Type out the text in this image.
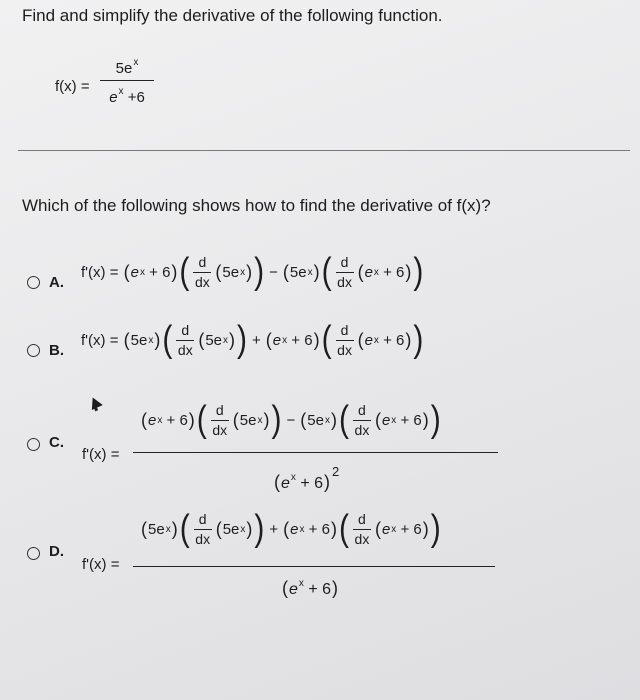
Find and simplify the derivative of the following function.
f(x) =
$5e^x$
$e^x +6$
Which of the following shows how to find the derivative of f(x)?
A.
f'(x) =
( e x
+ 6 ) ( d
dx ( 5e x ) ) − ( 5e x ) ( d
dx ( e x
+ 6 ) )
B.
f'(x) =
( 5e x ) ( d
dx ( 5e x ) ) + ( e x
+ 6 ) ( d
dx ( e x
+ 6 ) )
C.
f'(x) =
( e x
+ 6 ) ( d
dx ( 5e x ) ) − ( 5e x ) ( d
dx ( e x
+ 6 ) )
$(e^x + 6)^2$
D.
f'(x) =
( 5e x ) ( d
dx ( 5e x ) ) + ( e x
+ 6 ) ( d
dx ( e x
+ 6 ) )
$(e^x + 6)$
